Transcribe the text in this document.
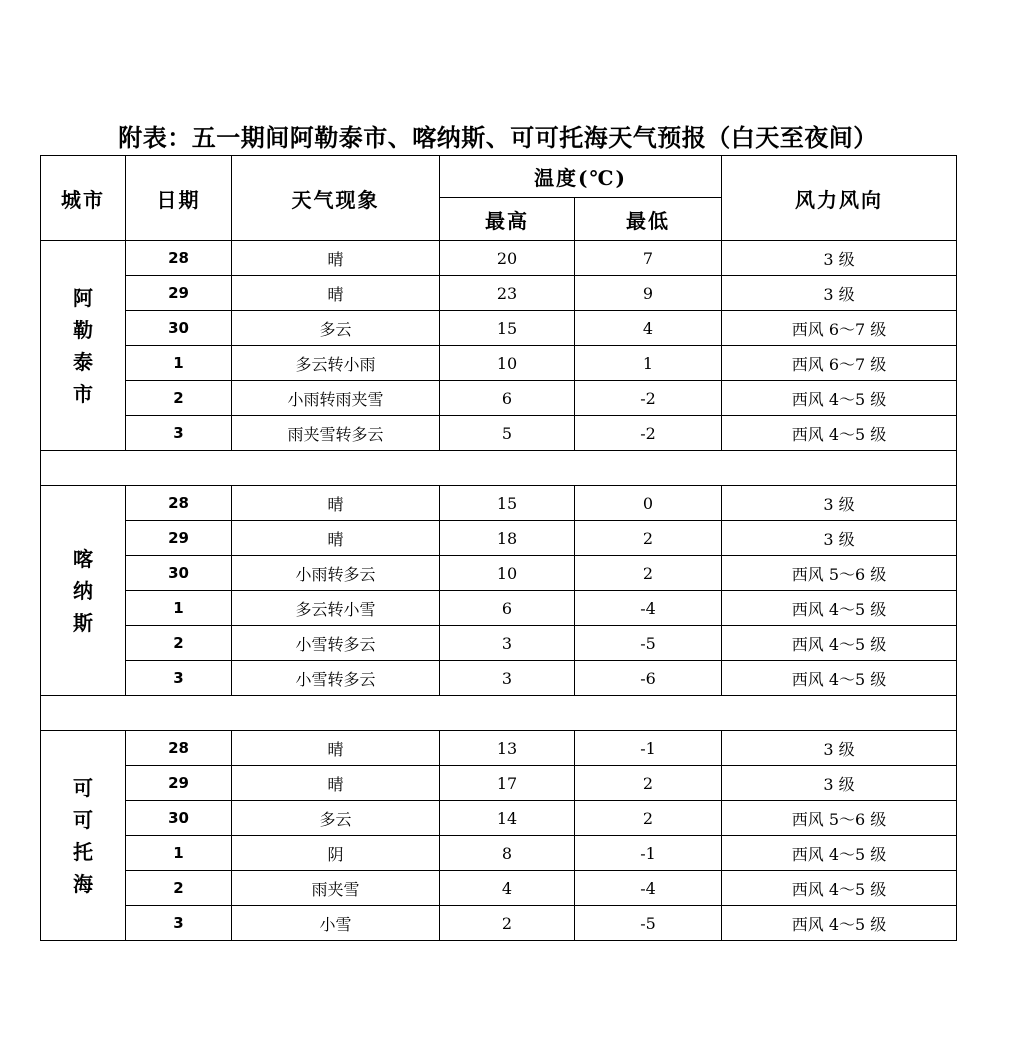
附表：五一期间阿勒泰市、喀纳斯、可可托海天气预报（白天至夜间）
城市	日期	天气现象	温度(℃)		风力风向
			最高	最低	

阿
勒
泰
市	28	晴	20	7	3 级
	29	晴	23	9	3 级
	30	多云	15	4	西风 6～7 级
	1	多云转小雨	10	1	西风 6～7 级
	2	小雨转雨夹雪	6	-2	西风 4～5 级
	3	雨夹雪转多云	5	-2	西风 4～5 级

喀
纳
斯	28	晴	15	0	3 级
	29	晴	18	2	3 级
	30	小雨转多云	10	2	西风 5～6 级
	1	多云转小雪	6	-4	西风 4～5 级
	2	小雪转多云	3	-5	西风 4～5 级
	3	小雪转多云	3	-6	西风 4～5 级

可
可
托
海	28	晴	13	-1	3 级
	29	晴	17	2	3 级
	30	多云	14	2	西风 5～6 级
	1	阴	8	-1	西风 4～5 级
	2	雨夹雪	4	-4	西风 4～5 级
	3	小雪	2	-5	西风 4～5 级
